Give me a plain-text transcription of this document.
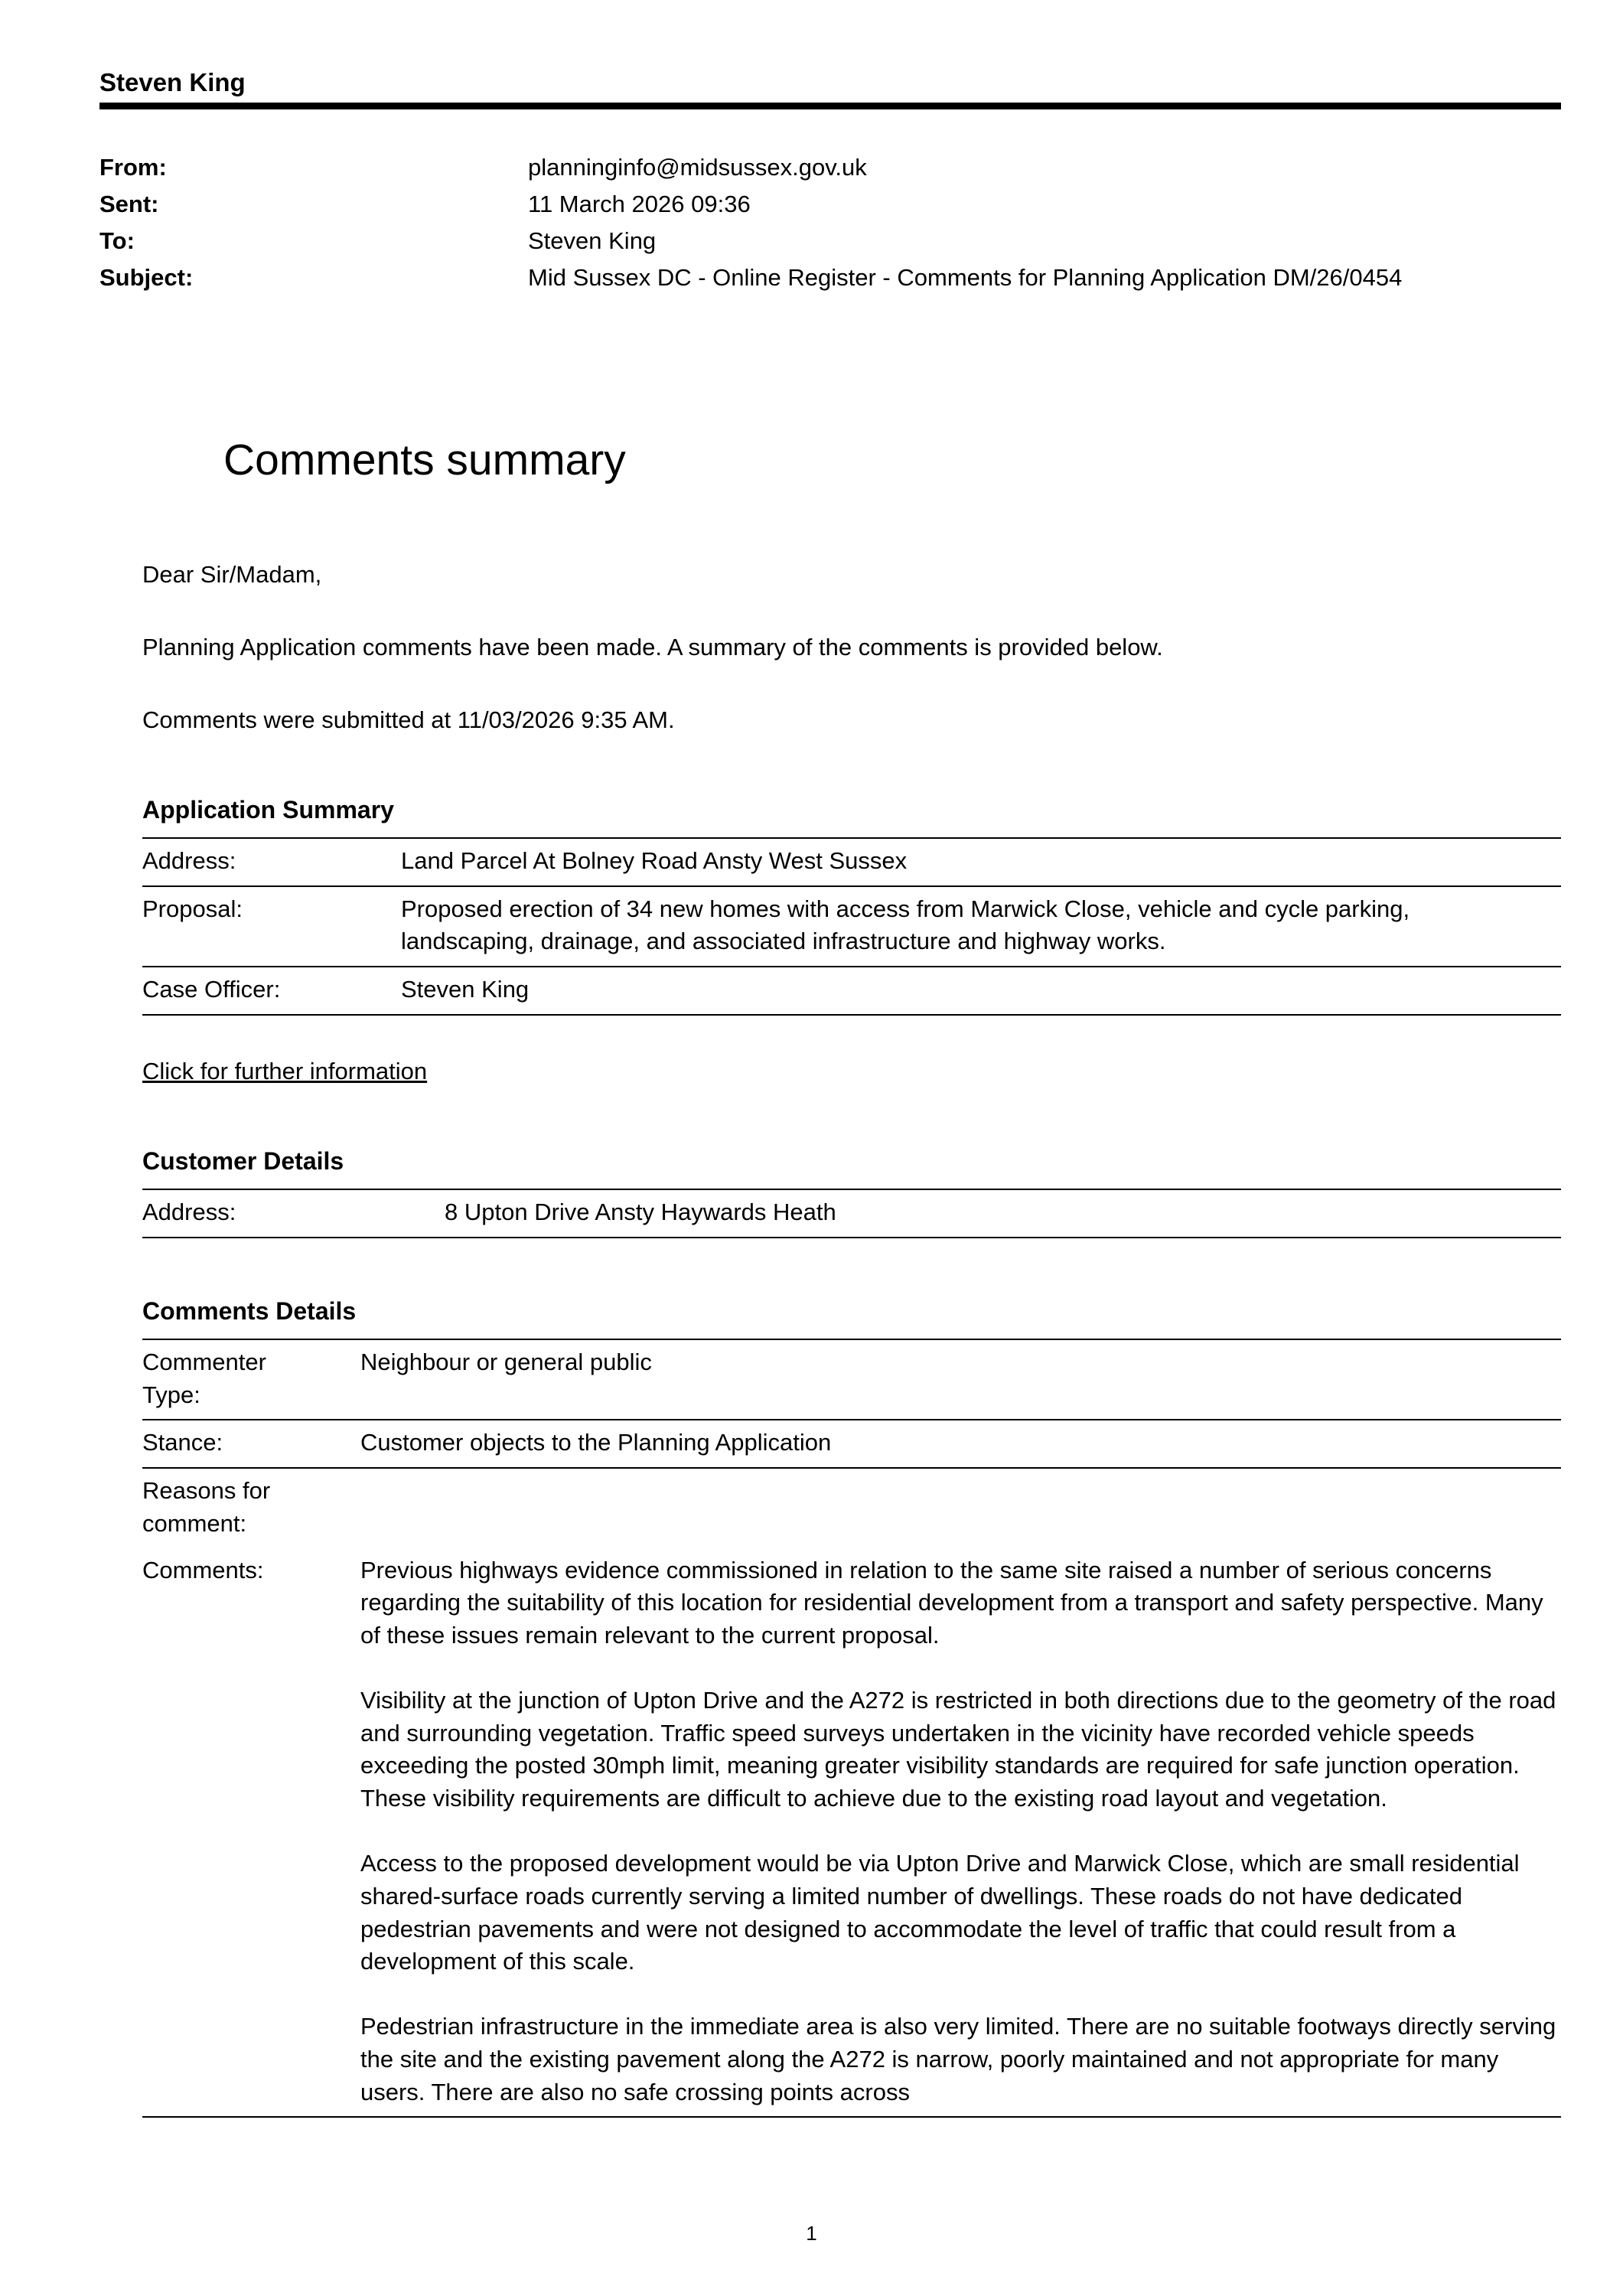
Steven King
From:	planninginfo@midsussex.gov.uk
Sent:	11 March 2026 09:36
To:	Steven King
Subject:	Mid Sussex DC - Online Register - Comments for Planning Application DM/26/0454
Comments summary

Dear Sir/Madam,

Planning Application comments have been made. A summary of the comments is provided below.

Comments were submitted at 11/03/2026 9:35 AM.

Application Summary
Address:	Land Parcel At Bolney Road Ansty West Sussex
Proposal:	Proposed erection of 34 new homes with access from Marwick Close, vehicle and cycle parking, landscaping, drainage, and associated infrastructure and highway works.
Case Officer:	Steven King
Click for further information
Customer Details
Address:	8 Upton Drive Ansty Haywards Heath
Comments Details
Commenter Type:
Neighbour or general public
Stance:	Customer objects to the Planning Application
Reasons for comment:
Comments:	Previous highways evidence commissioned in relation to the same site raised a number of serious concerns regarding the suitability of this location for residential development from a transport and safety perspective. Many of these issues remain relevant to the current proposal.

Visibility at the junction of Upton Drive and the A272 is restricted in both directions due to the geometry of the road and surrounding vegetation. Traffic speed surveys undertaken in the vicinity have recorded vehicle speeds exceeding the posted 30mph limit, meaning greater visibility standards are required for safe junction operation. These visibility requirements are difficult to achieve due to the existing road layout and vegetation.

Access to the proposed development would be via Upton Drive and Marwick Close, which are small residential shared-surface roads currently serving a limited number of dwellings. These roads do not have dedicated pedestrian pavements and were not designed to accommodate the level of traffic that could result from a development of this scale.

Pedestrian infrastructure in the immediate area is also very limited. There are no suitable footways directly serving the site and the existing pavement along the A272 is narrow, poorly maintained and not appropriate for many users. There are also no safe crossing points across

1
